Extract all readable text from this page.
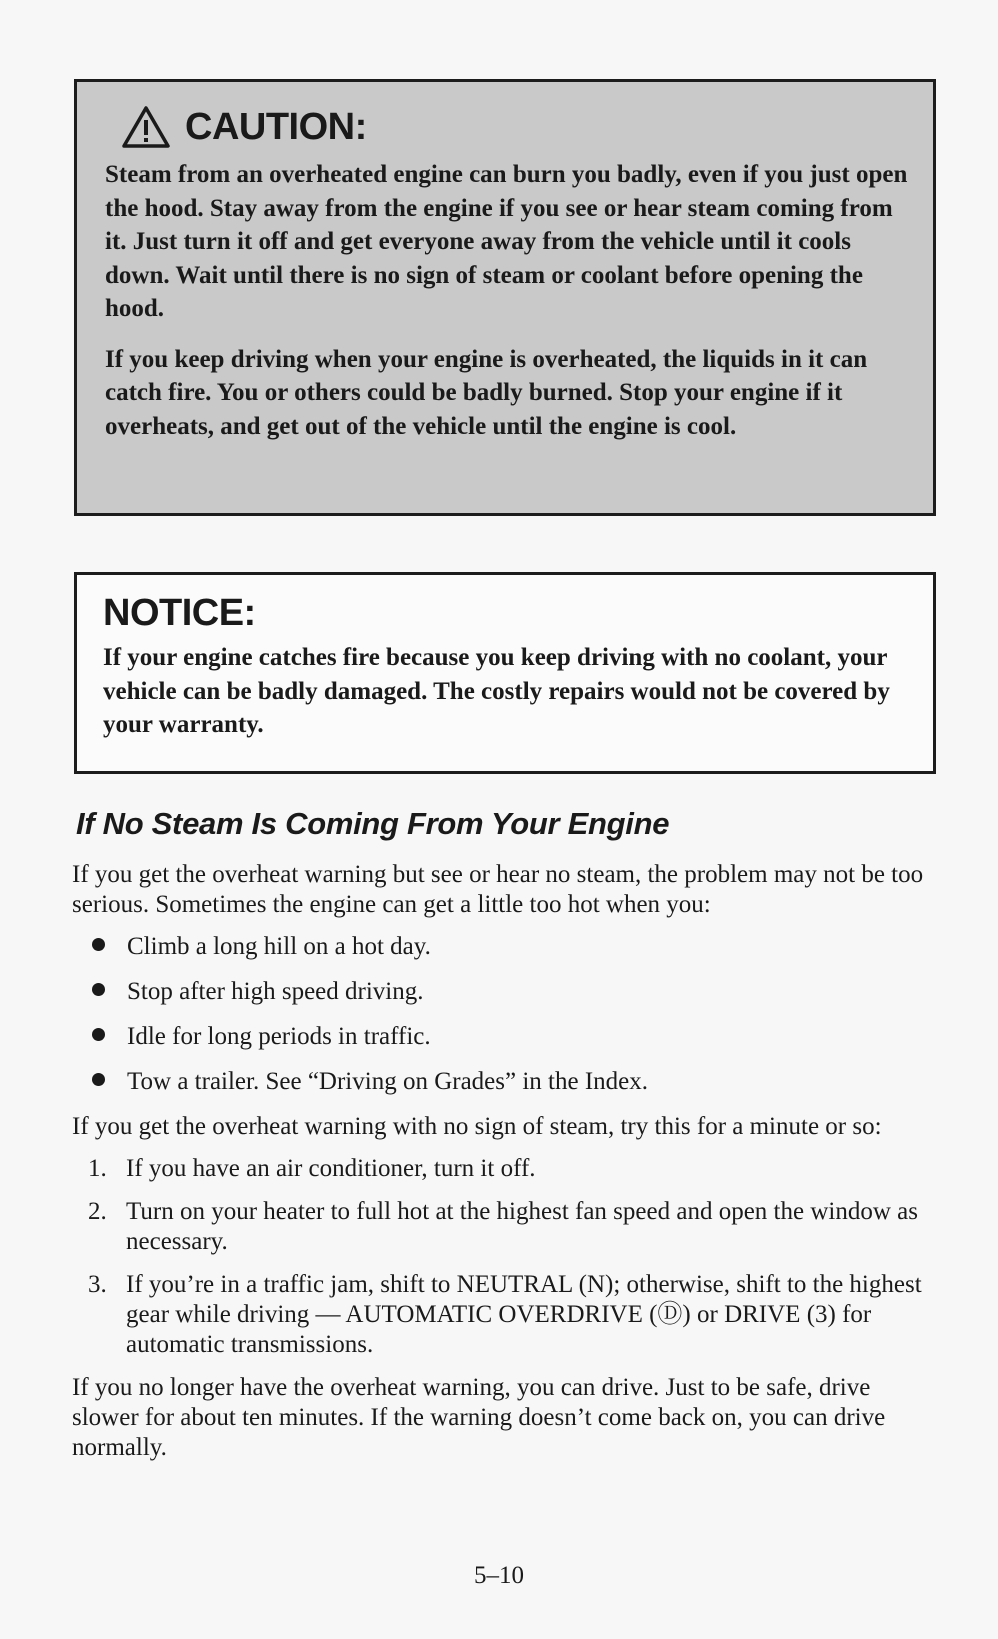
CAUTION:

Steam from an overheated engine can burn you badly, even if you just open the hood. Stay away from the engine if you see or hear steam coming from it. Just turn it off and get everyone away from the vehicle until it cools down. Wait until there is no sign of steam or coolant before opening the hood.

If you keep driving when your engine is overheated, the liquids in it can catch fire. You or others could be badly burned. Stop your engine if it overheats, and get out of the vehicle until the engine is cool.

NOTICE:

If your engine catches fire because you keep driving with no coolant, your vehicle can be badly damaged. The costly repairs would not be covered by your warranty.

If No Steam Is Coming From Your Engine

If you get the overheat warning but see or hear no steam, the problem may not be too serious. Sometimes the engine can get a little too hot when you:

Climb a long hill on a hot day.
Stop after high speed driving.
Idle for long periods in traffic.
Tow a trailer. See “Driving on Grades” in the Index.

If you get the overheat warning with no sign of steam, try this for a minute or so:

1. If you have an air conditioner, turn it off.
2. Turn on your heater to full hot at the highest fan speed and open the window as necessary.
3. If you’re in a traffic jam, shift to NEUTRAL (N); otherwise, shift to the highest gear while driving — AUTOMATIC OVERDRIVE (Ⓓ) or DRIVE (3) for automatic transmissions.

If you no longer have the overheat warning, you can drive. Just to be safe, drive slower for about ten minutes. If the warning doesn’t come back on, you can drive normally.

5–10
